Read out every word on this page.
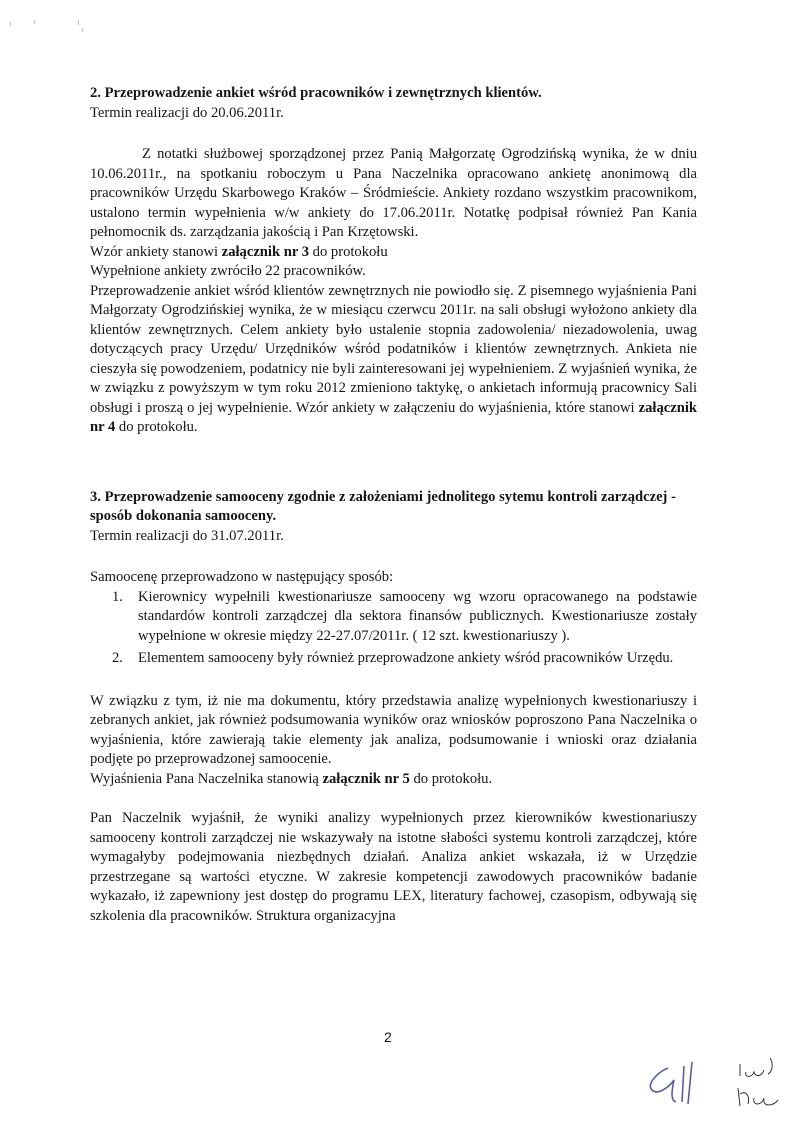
2. Przeprowadzenie ankiet wśród pracowników i zewnętrznych klientów.

Termin realizacji do 20.06.2011r.

Z notatki służbowej sporządzonej przez Panią Małgorzatę Ogrodzińską wynika, że w dniu 10.06.2011r., na spotkaniu roboczym u Pana Naczelnika opracowano ankietę anonimową dla pracowników Urzędu Skarbowego Kraków – Śródmieście. Ankiety rozdano wszystkim pracownikom, ustalono termin wypełnienia w/w ankiety do 17.06.2011r. Notatkę podpisał również Pan Kania pełnomocnik ds. zarządzania jakością i Pan Krzętowski.

Wzór ankiety stanowi załącznik nr 3 do protokołu

Wypełnione ankiety zwróciło 22 pracowników.

Przeprowadzenie ankiet wśród klientów zewnętrznych nie powiodło się. Z pisemnego wyjaśnienia Pani Małgorzaty Ogrodzińskiej wynika, że w miesiącu czerwcu 2011r. na sali obsługi wyłożono ankiety dla klientów zewnętrznych. Celem ankiety było ustalenie stopnia zadowolenia/ niezadowolenia, uwag dotyczących pracy Urzędu/ Urzędników wśród podatników i klientów zewnętrznych. Ankieta nie cieszyła się powodzeniem, podatnicy nie byli zainteresowani jej wypełnieniem. Z wyjaśnień wynika, że w związku z powyższym w tym roku 2012 zmieniono taktykę, o ankietach informują pracownicy Sali obsługi i proszą o jej wypełnienie. Wzór ankiety w załączeniu do wyjaśnienia, które stanowi załącznik nr 4 do protokołu.

3. Przeprowadzenie samooceny zgodnie z założeniami jednolitego sytemu kontroli zarządczej - sposób dokonania samooceny.

Termin realizacji do 31.07.2011r.

Samoocenę przeprowadzono w następujący sposób:

1. Kierownicy wypełnili kwestionariusze samooceny wg wzoru opracowanego na podstawie standardów kontroli zarządczej dla sektora finansów publicznych. Kwestionariusze zostały wypełnione w okresie między 22-27.07/2011r. ( 12 szt. kwestionariuszy ).
2. Elementem samooceny były również przeprowadzone ankiety wśród pracowników Urzędu.

W związku z tym, iż nie ma dokumentu, który przedstawia analizę wypełnionych kwestionariuszy i zebranych ankiet, jak również podsumowania wyników oraz wniosków poproszono Pana Naczelnika o wyjaśnienia, które zawierają takie elementy jak analiza, podsumowanie i wnioski oraz działania podjęte po przeprowadzonej samoocenie.

Wyjaśnienia Pana Naczelnika stanowią załącznik nr 5 do protokołu.

Pan Naczelnik wyjaśnił, że wyniki analizy wypełnionych przez kierowników kwestionariuszy samooceny kontroli zarządczej nie wskazywały na istotne słabości systemu kontroli zarządczej, które wymagałyby podejmowania niezbędnych działań. Analiza ankiet wskazała, iż w Urzędzie przestrzegane są wartości etyczne. W zakresie kompetencji zawodowych pracowników badanie wykazało, iż zapewniony jest dostęp do programu LEX, literatury fachowej, czasopism, odbywają się szkolenia dla pracowników. Struktura organizacyjna

2
